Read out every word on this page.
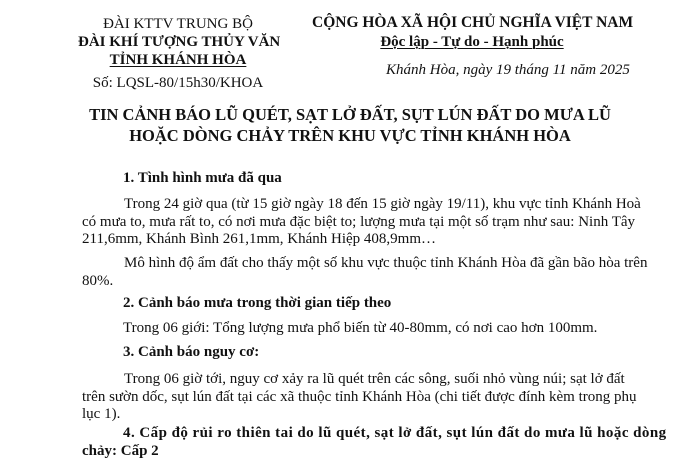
ĐÀI KTTV TRUNG BỘ
ĐÀI KHÍ TƯỢNG THỦY VĂN
TỈNH KHÁNH HÒA
Số: LQSL-80/15h30/KHOA
CỘNG HÒA XÃ HỘI CHỦ NGHĨA VIỆT NAM
Độc lập - Tự do - Hạnh phúc
Khánh Hòa, ngày 19 tháng 11 năm 2025
TIN CẢNH BÁO LŨ QUÉT, SẠT LỞ ĐẤT, SỤT LÚN ĐẤT DO MƯA LŨ
HOẶC DÒNG CHẢY TRÊN KHU VỰC TỈNH KHÁNH HÒA
1. Tình hình mưa đã qua
Trong 24 giờ qua (từ 15 giờ ngày 18 đến 15 giờ ngày 19/11), khu vực tỉnh Khánh Hoà
có mưa to, mưa rất to, có nơi mưa đặc biệt to; lượng mưa tại một số trạm như sau: Ninh Tây
211,6mm, Khánh Bình 261,1mm, Khánh Hiệp 408,9mm…
Mô hình độ ẩm đất cho thấy một số khu vực thuộc tỉnh Khánh Hòa đã gần bão hòa trên
80%.
2. Cảnh báo mưa trong thời gian tiếp theo
Trong 06 giới: Tổng lượng mưa phổ biến từ 40-80mm, có nơi cao hơn 100mm.
3. Cảnh báo nguy cơ:
Trong 06 giờ tới, nguy cơ xảy ra lũ quét trên các sông, suối nhỏ vùng núi; sạt lở đất
trên sườn dốc, sụt lún đất tại các xã thuộc tỉnh Khánh Hòa (chi tiết được đính kèm trong phụ
lục 1).
4. Cấp độ rủi ro thiên tai do lũ quét, sạt lở đất, sụt lún đất do mưa lũ hoặc dòng
chảy: Cấp 2
